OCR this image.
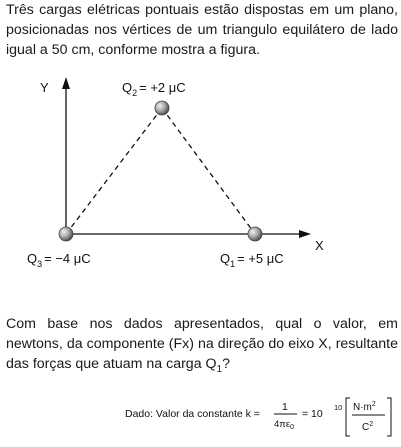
Três cargas elétricas pontuais estão dispostas em um plano, posicionadas nos vértices de um triangulo equilátero de lado igual a 50 cm, conforme mostra a figura.

Y
X
$Q_2 = +2$ μC
$Q_3 = -4$ μC	$Q_1 = +5$ μC

Com base nos dados apresentados, qual o valor, em newtons, da componente (Fx) na direção do eixo X, resultante das forças que atuam na carga $Q_1$?

Dado: Valor da constante k =
1
$4\pi\varepsilon_0$
= 10
10 $N\cdot m^2$
$C^2$
